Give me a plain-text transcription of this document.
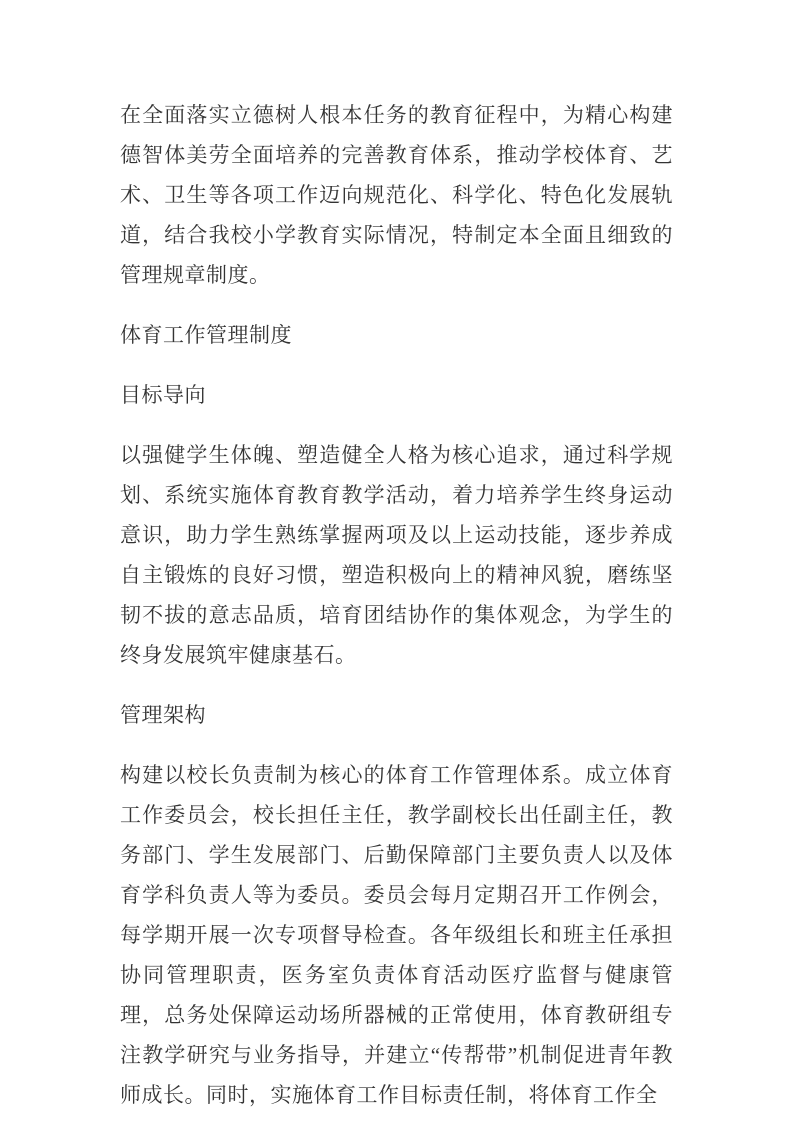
在全面落实立德树人根本任务的教育征程中，为精心构建德智体美劳全面培养的完善教育体系，推动学校体育、艺术、卫生等各项工作迈向规范化、科学化、特色化发展轨道，结合我校小学教育实际情况，特制定本全面且细致的管理规章制度。

体育工作管理制度

目标导向

以强健学生体魄、塑造健全人格为核心追求，通过科学规划、系统实施体育教育教学活动，着力培养学生终身运动意识，助力学生熟练掌握两项及以上运动技能，逐步养成自主锻炼的良好习惯，塑造积极向上的精神风貌，磨练坚韧不拔的意志品质，培育团结协作的集体观念，为学生的终身发展筑牢健康基石。

管理架构

构建以校长负责制为核心的体育工作管理体系。成立体育工作委员会，校长担任主任，教学副校长出任副主任，教务部门、学生发展部门、后勤保障部门主要负责人以及体育学科负责人等为委员。委员会每月定期召开工作例会，每学期开展一次专项督导检查。各年级组长和班主任承担协同管理职责，医务室负责体育活动医疗监督与健康管理，总务处保障运动场所器械的正常使用，体育教研组专注教学研究与业务指导，并建立“传帮带”机制促进青年教师成长。同时，实施体育工作目标责任制，将体育工作全
